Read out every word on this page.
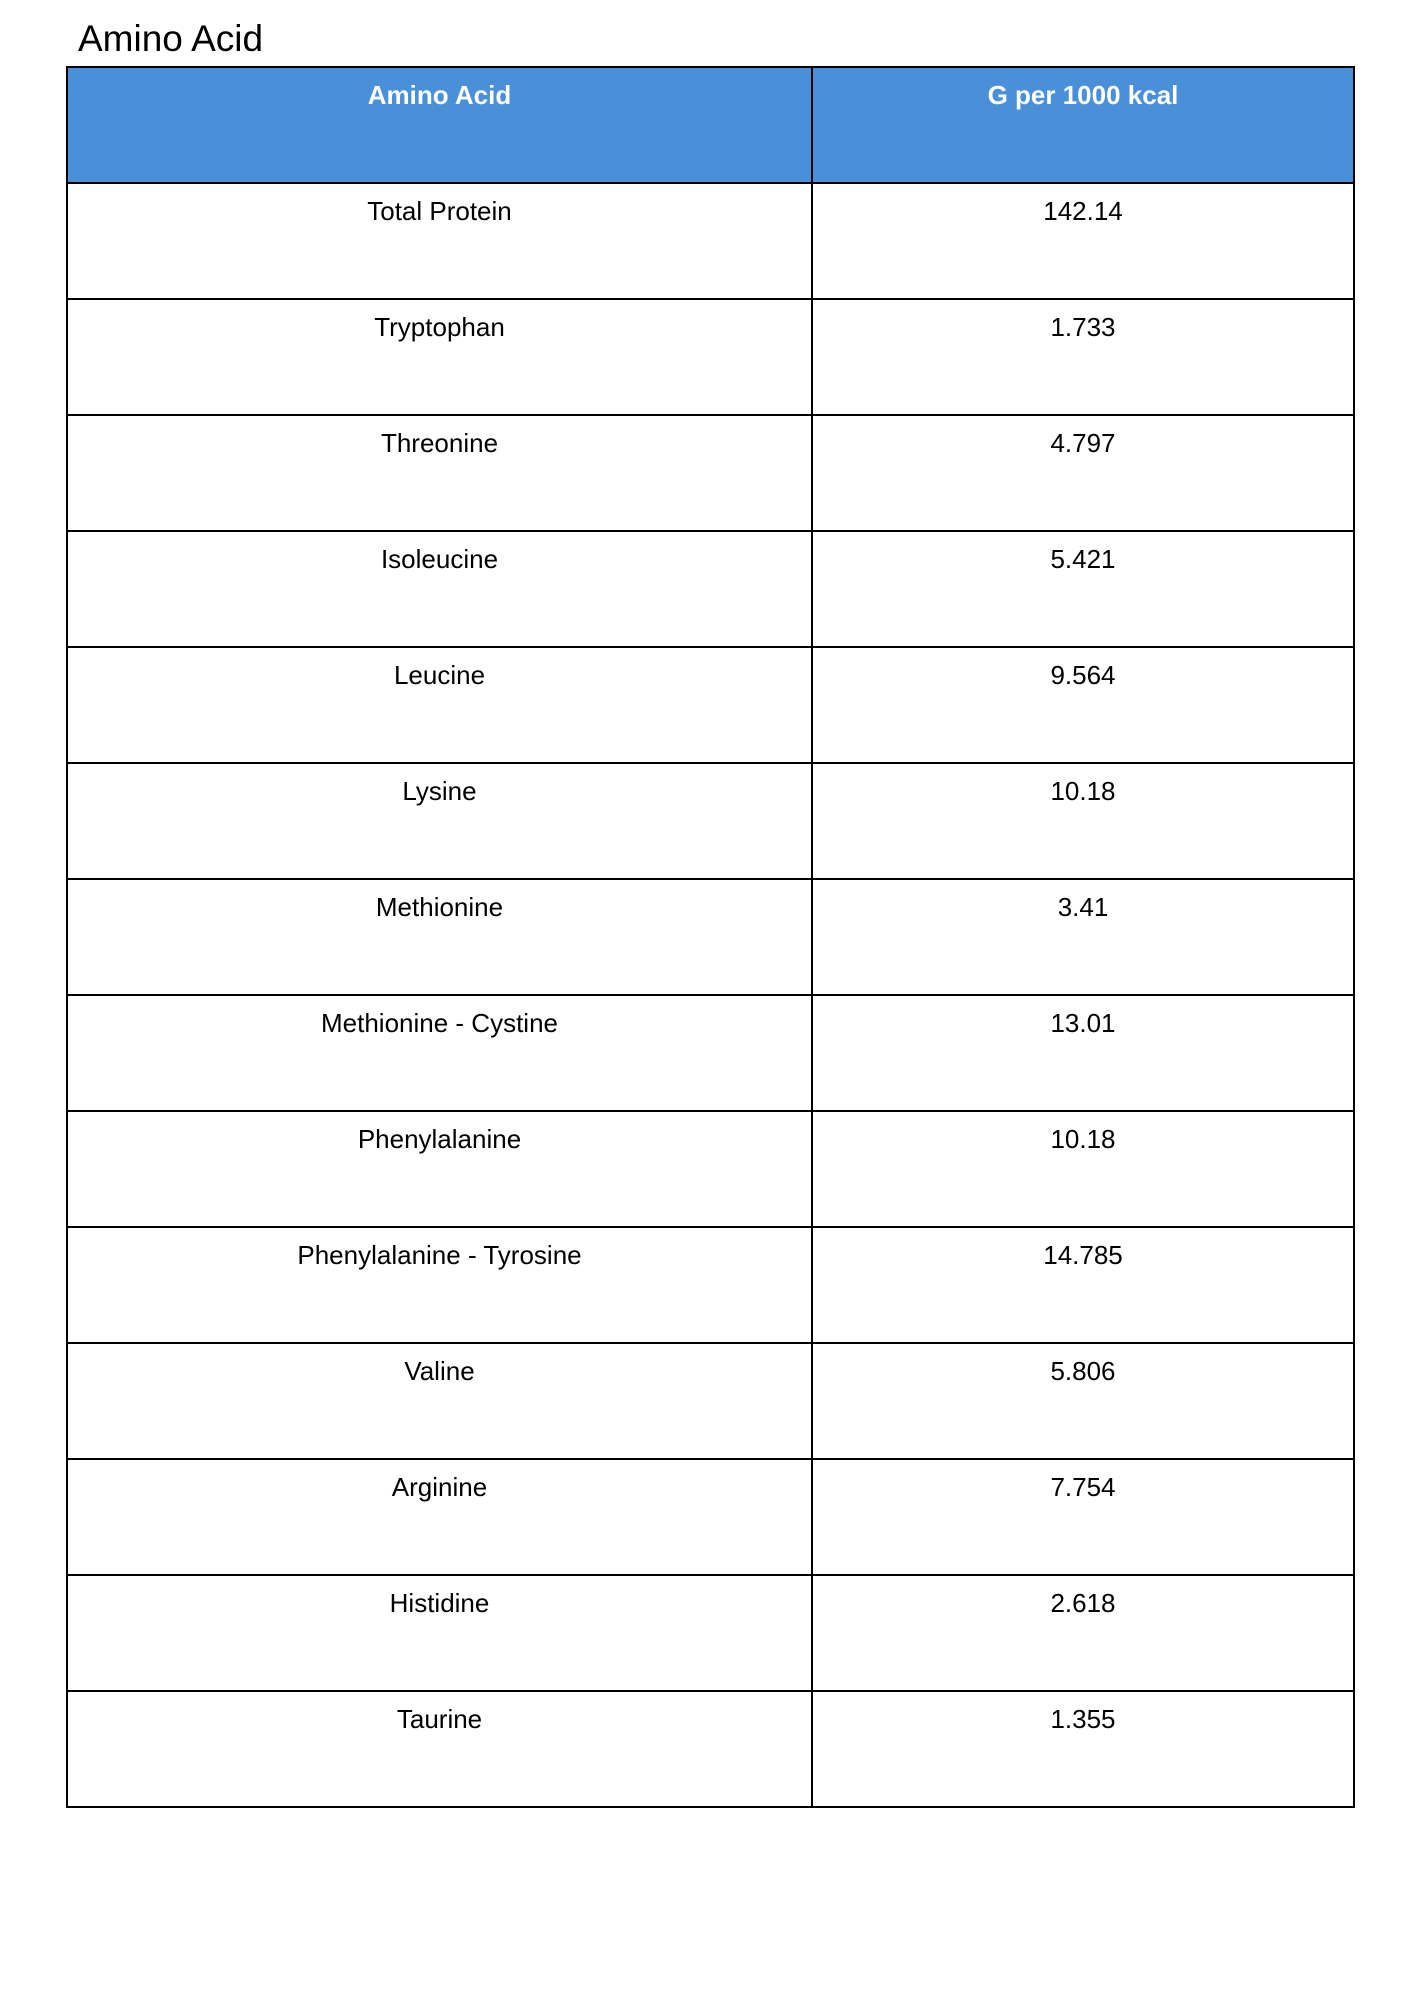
Amino Acid
Amino Acid	G per 1000 kcal
Total Protein	142.14
Tryptophan	1.733
Threonine	4.797
Isoleucine	5.421
Leucine	9.564
Lysine	10.18
Methionine	3.41
Methionine - Cystine	13.01
Phenylalanine	10.18
Phenylalanine - Tyrosine	14.785
Valine	5.806
Arginine	7.754
Histidine	2.618
Taurine	1.355
